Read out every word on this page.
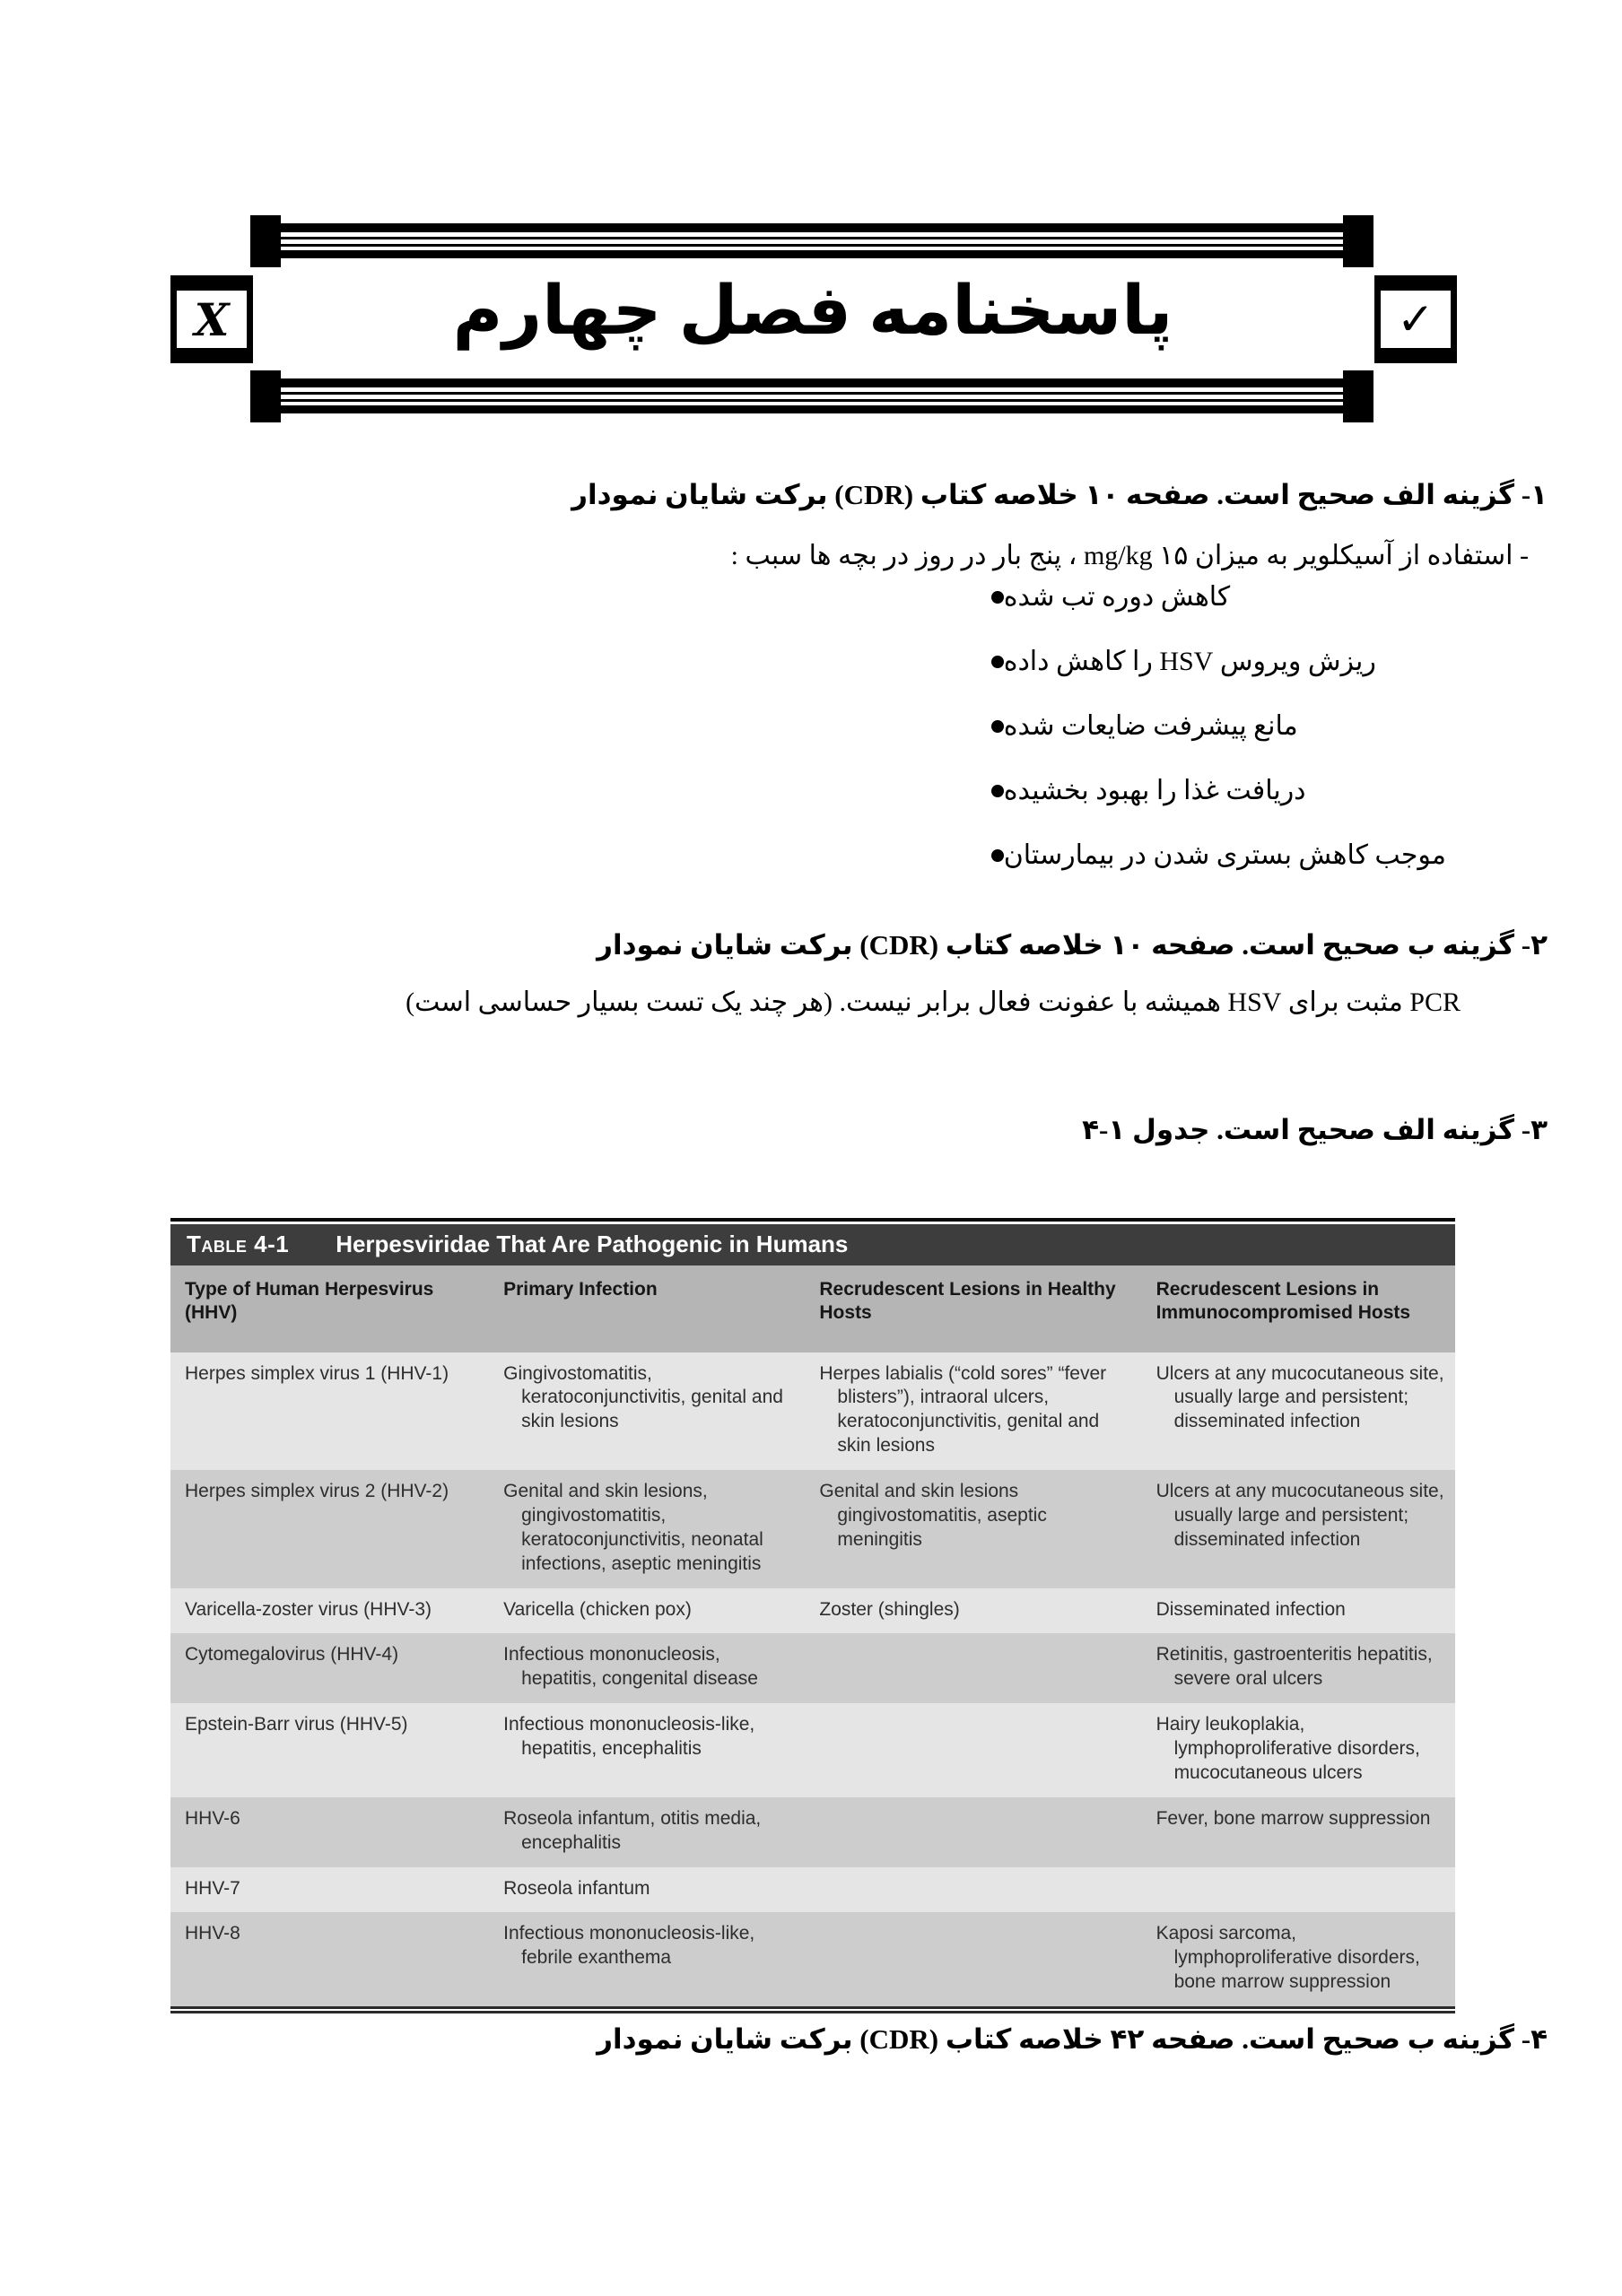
پاسخنامه فصل چهارم
X	✓
۱- گزینه الف صحیح است. صفحه ۱۰ خلاصه کتاب (CDR) برکت شایان نمودار
- استفاده از آسیکلویر به میزان ۱۵ mg/kg ، پنج بار در روز در بچه ها سبب :
کاهش دوره تب شده
ریزش ویروس HSV را کاهش داده
مانع پیشرفت ضایعات شده
دریافت غذا را بهبود بخشیده
موجب کاهش بستری شدن در بیمارستان
۲- گزینه ب صحیح است. صفحه ۱۰ خلاصه کتاب (CDR) برکت شایان نمودار
PCR مثبت برای HSV همیشه با عفونت فعال برابر نیست. (هر چند یک تست بسیار حساسی است)
۳- گزینه الف صحیح است. جدول ۱-۴
Table 4-1 Herpesviridae That Are Pathogenic in Humans
Type of Human Herpesvirus (HHV)	Primary Infection	Recrudescent Lesions in Healthy Hosts	Recrudescent Lesions in Immunocompromised Hosts

Herpes simplex virus 1 (HHV-1)	Gingivostomatitis, keratoconjunctivitis, genital and skin lesions	Herpes labialis (“cold sores” “fever blisters”), intraoral ulcers, keratoconjunctivitis, genital and skin lesions	Ulcers at any mucocutaneous site, usually large and persistent; disseminated infection

Herpes simplex virus 2 (HHV-2)	Genital and skin lesions, gingivostomatitis, keratoconjunctivitis, neonatal infections, aseptic meningitis	Genital and skin lesions gingivostomatitis, aseptic meningitis	Ulcers at any mucocutaneous site, usually large and persistent; disseminated infection

Varicella-zoster virus (HHV-3)	Varicella (chicken pox)	Zoster (shingles)	Disseminated infection

Cytomegalovirus (HHV-4)	Infectious mononucleosis, hepatitis, congenital disease		Retinitis, gastroenteritis hepatitis, severe oral ulcers

Epstein-Barr virus (HHV-5)	Infectious mononucleosis-like, hepatitis, encephalitis		Hairy leukoplakia, lymphoproliferative disorders, mucocutaneous ulcers

HHV-6	Roseola infantum, otitis media, encephalitis		Fever, bone marrow suppression

HHV-7	Roseola infantum		

HHV-8	Infectious mononucleosis-like, febrile exanthema		Kaposi sarcoma, lymphoproliferative disorders, bone marrow suppression
۴- گزینه ب صحیح است. صفحه ۴۲ خلاصه کتاب (CDR) برکت شایان نمودار
